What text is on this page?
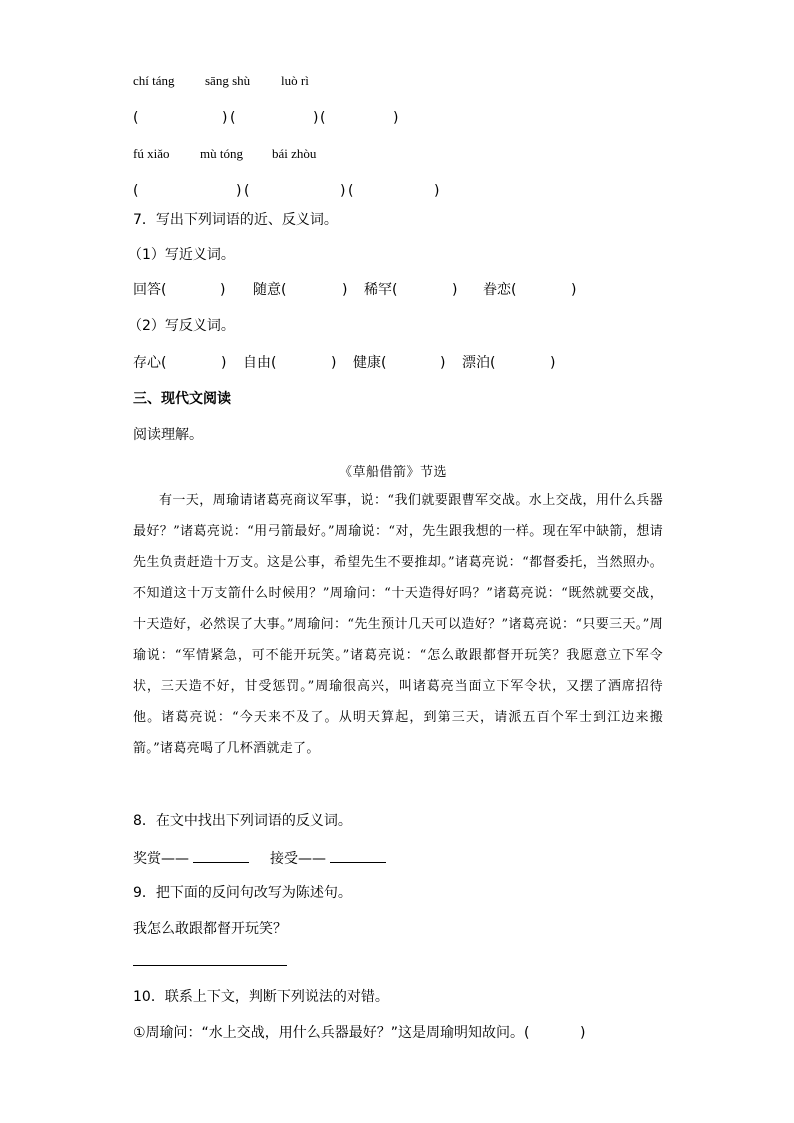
chí táng sāng shù luò rì
(	) (	) (	)
fú xiǎo mù tóng bái zhòu
(	) (	) (	)
7．写出下列词语的近、反义词。
（1）写近义词。
回答 (	) 随意 (	) 稀罕 (	) 眷恋 (	)
（2）写反义词。
存心 (	) 自由 (	) 健康 (	) 漂泊 (	)
三、现代文阅读
阅读理解。
《草船借箭》节选
有一天，周瑜请诸葛亮商议军事，说：“我们就要跟曹军交战。水上交战，用什么兵器最好？”诸葛亮说：“用弓箭最好。”周瑜说：“对，先生跟我想的一样。现在军中缺箭，想请先生负责赶造十万支。这是公事，希望先生不要推却。”诸葛亮说：“都督委托，当然照办。不知道这十万支箭什么时候用？”周瑜问：“十天造得好吗？”诸葛亮说：“既然就要交战，十天造好，必然误了大事。”周瑜问：“先生预计几天可以造好？”诸葛亮说：“只要三天。”周瑜说：“军情紧急，可不能开玩笑。”诸葛亮说：“怎么敢跟都督开玩笑？我愿意立下军令状，三天造不好，甘受惩罚。”周瑜很高兴，叫诸葛亮当面立下军令状，又摆了酒席招待他。诸葛亮说：“今天来不及了。从明天算起，到第三天，请派五百个军士到江边来搬箭。”诸葛亮喝了几杯酒就走了。
8．在文中找出下列词语的反义词。
奖赏——	接受——
9．把下面的反问句改写为陈述句。
我怎么敢跟都督开玩笑？
10．联系上下文，判断下列说法的对错。
①周瑜问：“水上交战，用什么兵器最好？”这是周瑜明知故问。(	)
